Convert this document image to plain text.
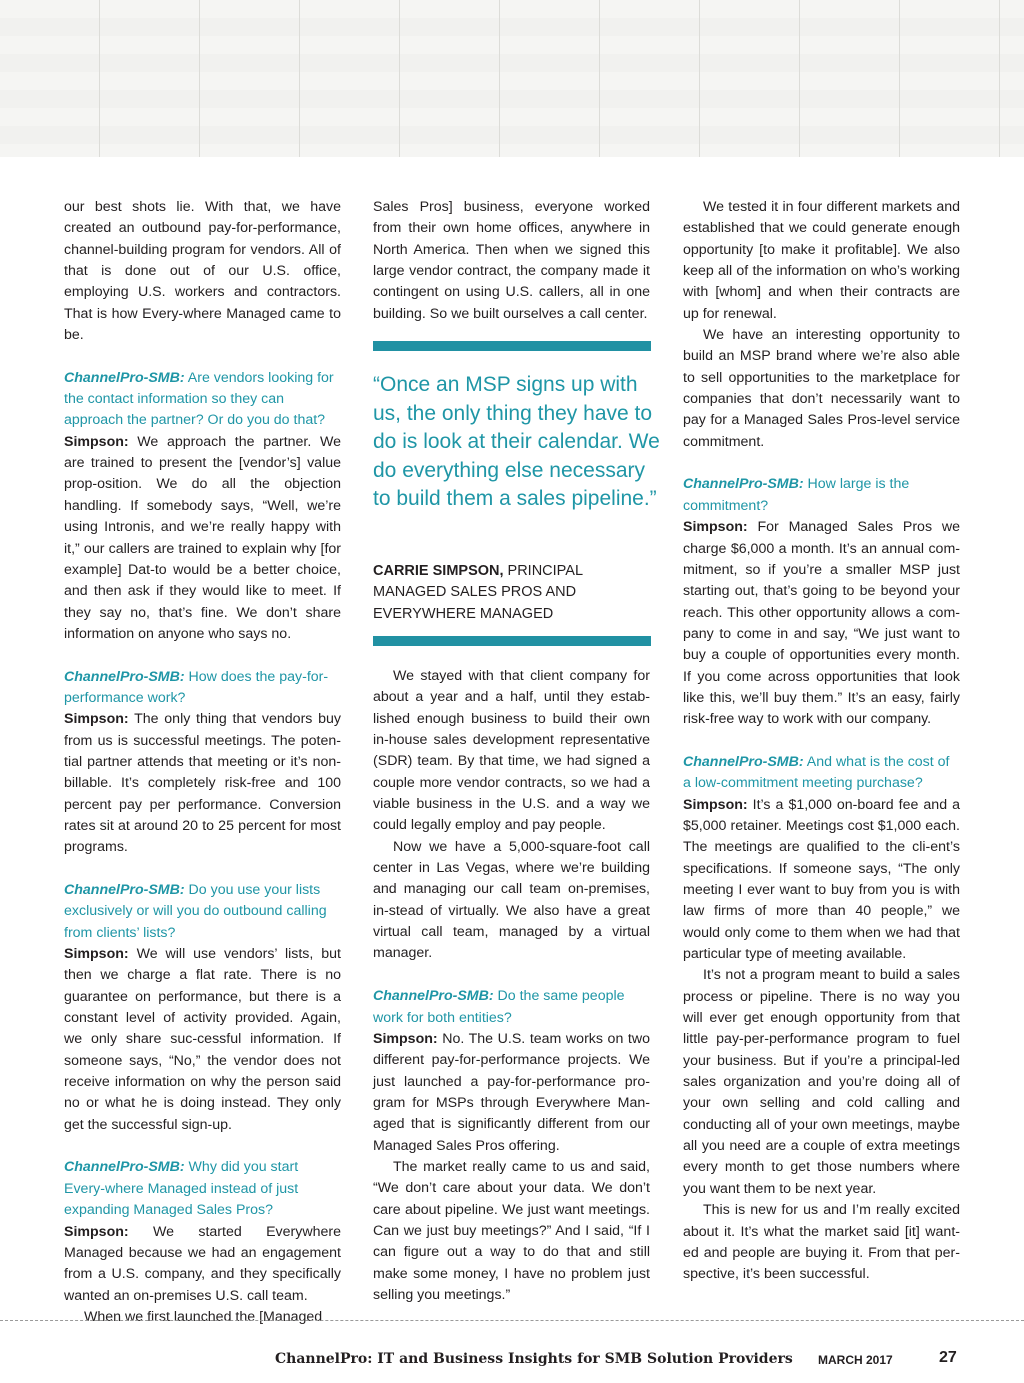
our best shots lie. With that, we have created an outbound pay-for-performance, channel-building program for vendors. All of that is done out of our U.S. office, employing U.S. workers and contractors. That is how Every-where Managed came to be.

ChannelPro-SMB: Are vendors looking for the contact information so they can approach the partner? Or do you do that?

Simpson: We approach the partner. We are trained to present the [vendor’s] value prop-osition. We do all the objection handling. If somebody says, “Well, we’re using Intronis, and we’re really happy with it,” our callers are trained to explain why [for example] Dat-to would be a better choice, and then ask if they would like to meet. If they say no, that’s fine. We don’t share information on anyone who says no.

ChannelPro-SMB: How does the pay-for-performance work?

Simpson: The only thing that vendors buy from us is successful meetings. The poten-tial partner attends that meeting or it’s non-billable. It’s completely risk-free and 100 percent pay per performance. Conversion rates sit at around 20 to 25 percent for most programs.

ChannelPro-SMB: Do you use your lists exclusively or will you do outbound calling from clients’ lists?

Simpson: We will use vendors’ lists, but then we charge a flat rate. There is no guarantee on performance, but there is a constant level of activity provided. Again, we only share suc-cessful information. If someone says, “No,” the vendor does not receive information on why the person said no or what he is doing instead. They only get the successful sign-up.

ChannelPro-SMB: Why did you start Every-where Managed instead of just expanding Managed Sales Pros?

Simpson: We started Everywhere Managed because we had an engagement from a U.S. company, and they specifically wanted an on-premises U.S. call team.

When we first launched the [Managed

Sales Pros] business, everyone worked from their own home offices, anywhere in North America. Then when we signed this large vendor contract, the company made it contingent on using U.S. callers, all in one building. So we built ourselves a call center.

“Once an MSP signs up with us, the only thing they have to do is look at their calendar. We do everything else necessary to build them a sales pipeline.”
CARRIE SIMPSON, PRINCIPAL
MANAGED SALES PROS AND
EVERYWHERE MANAGED

We stayed with that client company for about a year and a half, until they estab-lished enough business to build their own in-house sales development representative (SDR) team. By that time, we had signed a couple more vendor contracts, so we had a viable business in the U.S. and a way we could legally employ and pay people.

Now we have a 5,000-square-foot call center in Las Vegas, where we’re building and managing our call team on-premises, in-stead of virtually. We also have a great virtual call team, managed by a virtual manager.

ChannelPro-SMB: Do the same people work for both entities?

Simpson: No. The U.S. team works on two different pay-for-performance projects. We just launched a pay-for-performance pro-gram for MSPs through Everywhere Man-aged that is significantly different from our Managed Sales Pros offering.

The market really came to us and said, “We don’t care about your data. We don’t care about pipeline. We just want meetings. Can we just buy meetings?” And I said, “If I can figure out a way to do that and still make some money, I have no problem just selling you meetings.”

We tested it in four different markets and established that we could generate enough opportunity [to make it profitable]. We also keep all of the information on who’s working with [whom] and when their contracts are up for renewal.

We have an interesting opportunity to build an MSP brand where we’re also able to sell opportunities to the marketplace for companies that don’t necessarily want to pay for a Managed Sales Pros-level service commitment.

ChannelPro-SMB: How large is the commitment?

Simpson: For Managed Sales Pros we charge $6,000 a month. It’s an annual com-mitment, so if you’re a smaller MSP just starting out, that’s going to be beyond your reach. This other opportunity allows a com-pany to come in and say, “We just want to buy a couple of opportunities every month. If you come across opportunities that look like this, we’ll buy them.” It’s an easy, fairly risk-free way to work with our company.

ChannelPro-SMB: And what is the cost of a low-commitment meeting purchase?

Simpson: It’s a $1,000 on-board fee and a $5,000 retainer. Meetings cost $1,000 each. The meetings are qualified to the cli-ent’s specifications. If someone says, “The only meeting I ever want to buy from you is with law firms of more than 40 people,” we would only come to them when we had that particular type of meeting available.

It’s not a program meant to build a sales process or pipeline. There is no way you will ever get enough opportunity from that little pay-per-performance program to fuel your business. But if you’re a principal-led sales organization and you’re doing all of your own selling and cold calling and conducting all of your own meetings, maybe all you need are a couple of extra meetings every month to get those numbers where you want them to be next year.

This is new for us and I’m really excited about it. It’s what the market said [it] want-ed and people are buying it. From that per-spective, it’s been successful.

ChannelPro: IT and Business Insights for SMB Solution Providers MARCH 2017	27
